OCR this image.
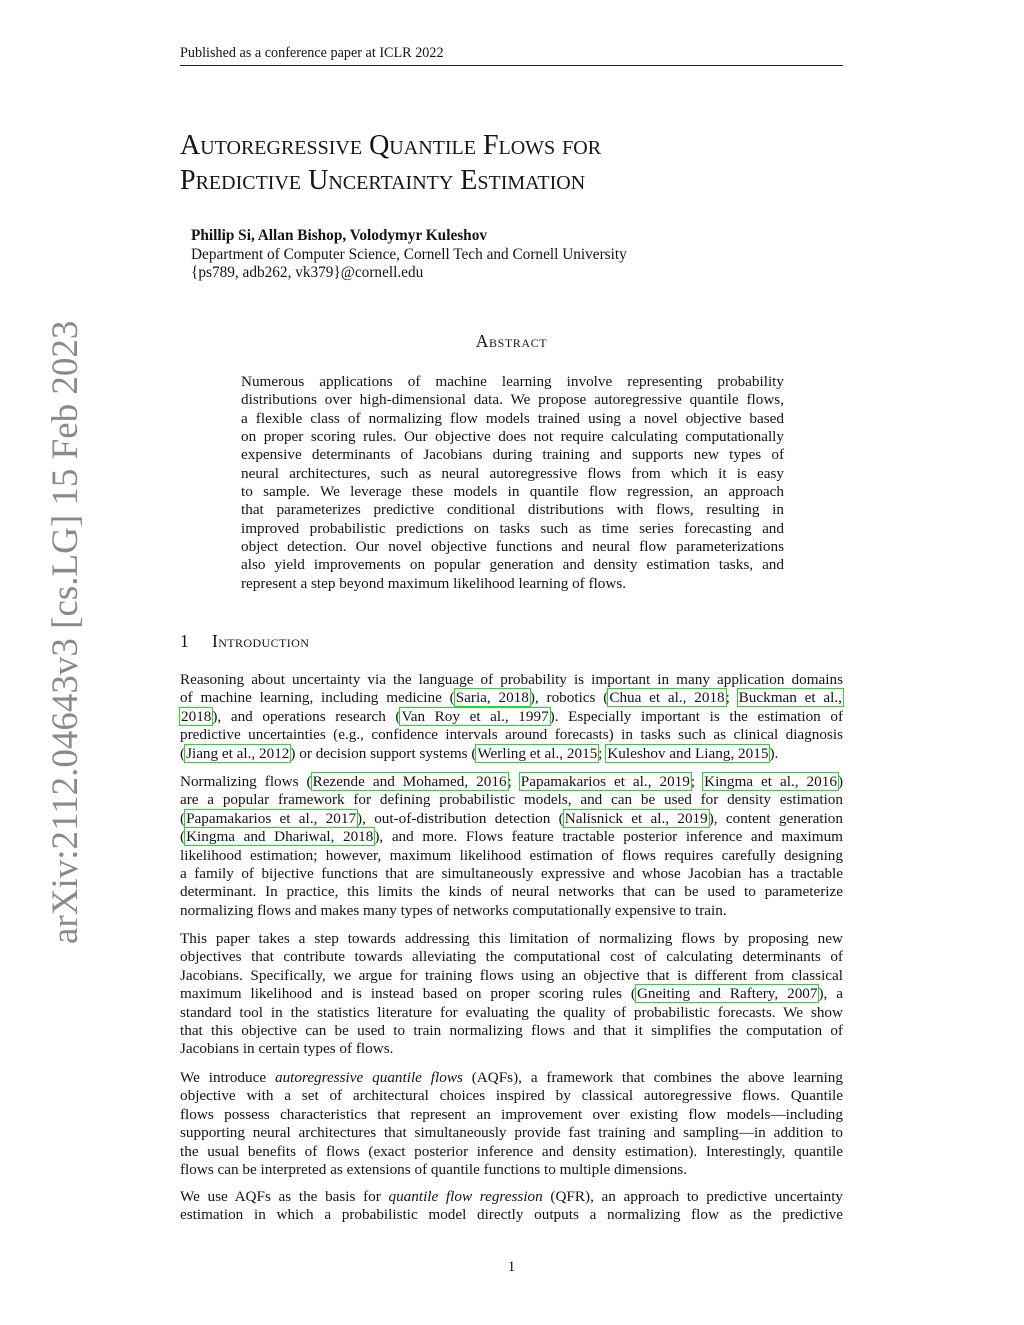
Published as a conference paper at ICLR 2022
arXiv:2112.04643v3 [cs.LG] 15 Feb 2023
Autoregressive Quantile Flows for
Predictive Uncertainty Estimation
Phillip Si, Allan Bishop, Volodymyr Kuleshov
Department of Computer Science, Cornell Tech and Cornell University
{ps789, adb262, vk379}@cornell.edu
Abstract
Numerous applications of machine learning involve representing probability
distributions over high-dimensional data. We propose autoregressive quantile flows,
a flexible class of normalizing flow models trained using a novel objective based
on proper scoring rules. Our objective does not require calculating computationally
expensive determinants of Jacobians during training and supports new types of
neural architectures, such as neural autoregressive flows from which it is easy
to sample. We leverage these models in quantile flow regression, an approach
that parameterizes predictive conditional distributions with flows, resulting in
improved probabilistic predictions on tasks such as time series forecasting and
object detection. Our novel objective functions and neural flow parameterizations
also yield improvements on popular generation and density estimation tasks, and
represent a step beyond maximum likelihood learning of flows.
1 Introduction
Reasoning about uncertainty via the language of probability is important in many application domains
of machine learning, including medicine (Saria, 2018), robotics (Chua et al., 2018; Buckman et al.,
2018), and operations research (Van Roy et al., 1997). Especially important is the estimation of
predictive uncertainties (e.g., confidence intervals around forecasts) in tasks such as clinical diagnosis
(Jiang et al., 2012) or decision support systems (Werling et al., 2015; Kuleshov and Liang, 2015).
Normalizing flows (Rezende and Mohamed, 2016; Papamakarios et al., 2019; Kingma et al., 2016)
are a popular framework for defining probabilistic models, and can be used for density estimation
(Papamakarios et al., 2017), out-of-distribution detection (Nalisnick et al., 2019), content generation
(Kingma and Dhariwal, 2018), and more. Flows feature tractable posterior inference and maximum
likelihood estimation; however, maximum likelihood estimation of flows requires carefully designing
a family of bijective functions that are simultaneously expressive and whose Jacobian has a tractable
determinant. In practice, this limits the kinds of neural networks that can be used to parameterize
normalizing flows and makes many types of networks computationally expensive to train.
This paper takes a step towards addressing this limitation of normalizing flows by proposing new
objectives that contribute towards alleviating the computational cost of calculating determinants of
Jacobians. Specifically, we argue for training flows using an objective that is different from classical
maximum likelihood and is instead based on proper scoring rules (Gneiting and Raftery, 2007), a
standard tool in the statistics literature for evaluating the quality of probabilistic forecasts. We show
that this objective can be used to train normalizing flows and that it simplifies the computation of
Jacobians in certain types of flows.
We introduce autoregressive quantile flows (AQFs), a framework that combines the above learning
objective with a set of architectural choices inspired by classical autoregressive flows. Quantile
flows possess characteristics that represent an improvement over existing flow models—including
supporting neural architectures that simultaneously provide fast training and sampling—in addition to
the usual benefits of flows (exact posterior inference and density estimation). Interestingly, quantile
flows can be interpreted as extensions of quantile functions to multiple dimensions.
We use AQFs as the basis for quantile flow regression (QFR), an approach to predictive uncertainty
estimation in which a probabilistic model directly outputs a normalizing flow as the predictive
1
